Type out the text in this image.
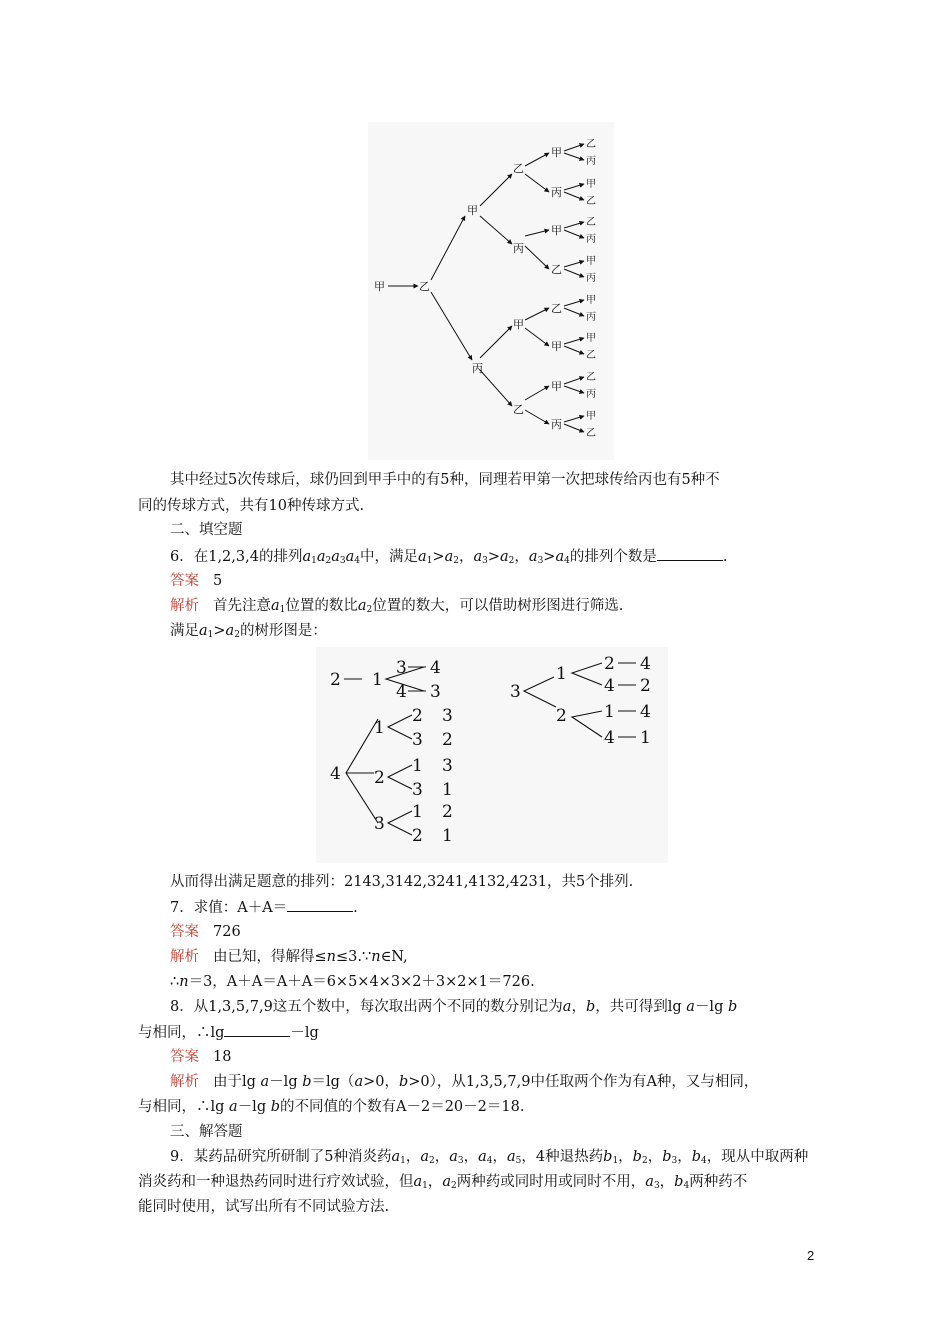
甲	乙
甲
丙
乙
丙
甲
乙
甲
丙
甲
乙
乙
甲
甲
丙
乙
丙
甲
乙
乙
丙
甲
丙
甲
丙
甲
乙
乙
丙
甲
乙
其中经过5次传球后，球仍回到甲手中的有5种，同理若甲第一次把球传给丙也有5种不
同的传球方式，共有10种传球方式.
二、填空题
6．在1,2,3,4的排列$a_1a_2a_3a_4$中，满足$a_1>a_2$，$a_3>a_2$，$a_3>a_4$的排列个数是	.
答案 5
解析 首先注意$a_1$位置的数比$a_2$位置的数大，可以借助树形图进行筛选.
满足$a_1>a_2$的树形图是：
2 1
3 4
4 3
4
1
2
3
2 3
3 2
1 3
3 1
1 2
2 1
3
1
2
2 4
4 2
1 4
4 1
从而得出满足题意的排列：2143,3142,3241,4132,4231，共5个排列.
7．求值：A＋A＝	.
答案 726
解析 由已知，得解得≤n≤3.∵n∈N,
∴n＝3，A＋A＝A＋A＝6×5×4×3×2＋3×2×1＝726.
8．从1,3,5,7,9这五个数中，每次取出两个不同的数分别记为a，b，共可得到lg a－lg b
与相同，∴lg	－lg
答案 18
解析 由于lg a－lg b＝lg（a>0，b>0），从1,3,5,7,9中任取两个作为有A种，又与相同，
与相同，∴lg a－lg b的不同值的个数有A－2＝20－2＝18.
三、解答题
9．某药品研究所研制了5种消炎药$a_1$，$a_2$，$a_3$，$a_4$，$a_5$，4种退热药$b_1$，$b_2$，$b_3$，$b_4$，现从中取两种
消炎药和一种退热药同时进行疗效试验，但$a_1$，$a_2$两种药或同时用或同时不用，$a_3$，$b_4$两种药不
能同时使用，试写出所有不同试验方法.
2
